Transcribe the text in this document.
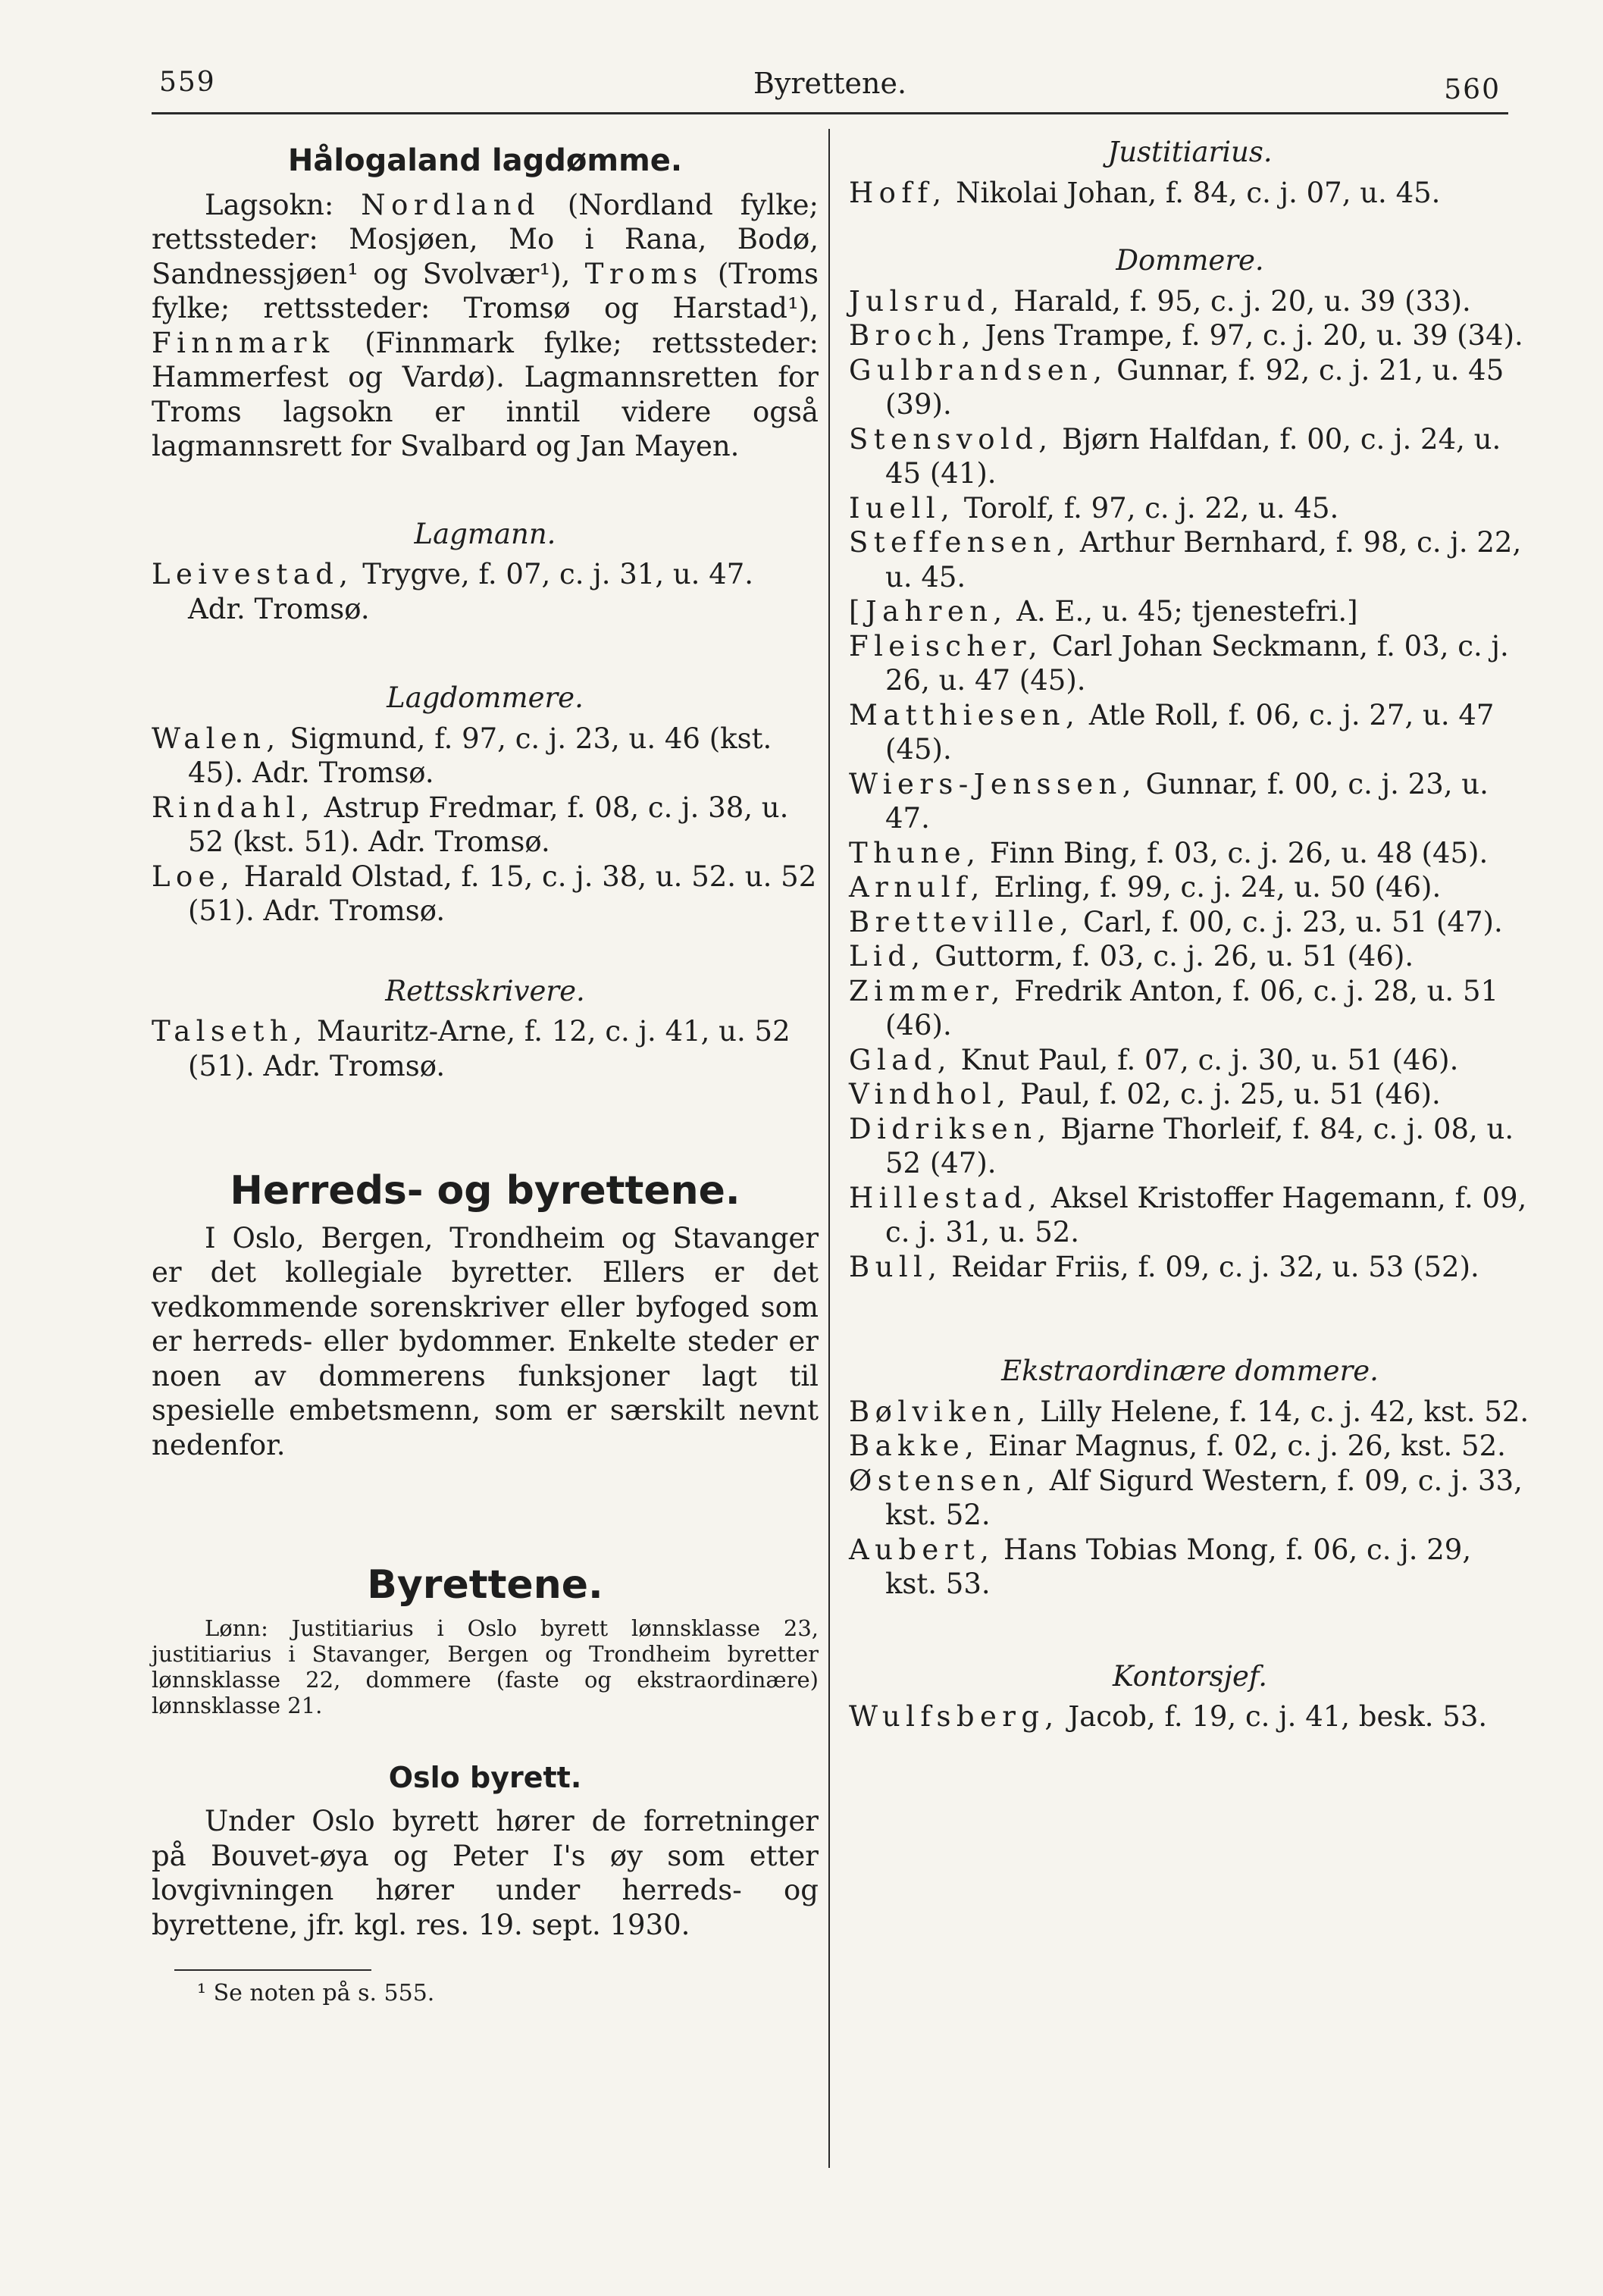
559	Byrettene.	560
Hålogaland lagdømme.

Lagsokn: Nordland (Nordland fylke; rettssteder: Mosjøen, Mo i Rana, Bodø, Sandnessjøen¹ og Svolvær¹), Troms (Troms fylke; rettssteder: Tromsø og Harstad¹), Finnmark (Finnmark fylke; rettssteder: Hammerfest og Vardø). Lagmannsretten for Troms lagsokn er inntil videre også lagmannsrett for Svalbard og Jan Mayen.

Lagmann.
Leivestad, Trygve, f. 07, c. j. 31, u. 47. Adr. Tromsø.
Lagdommere.
Walen, Sigmund, f. 97, c. j. 23, u. 46 (kst. 45). Adr. Tromsø.
Rindahl, Astrup Fredmar, f. 08, c. j. 38, u. 52 (kst. 51). Adr. Tromsø.
Loe, Harald Olstad, f. 15, c. j. 38, u. 52. u. 52 (51). Adr. Tromsø.
Rettsskrivere.
Talseth, Mauritz-Arne, f. 12, c. j. 41, u. 52 (51). Adr. Tromsø.
Herreds- og byrettene.

I Oslo, Bergen, Trondheim og Stavanger er det kollegiale byretter. Ellers er det vedkommende sorenskriver eller byfoged som er herreds- eller bydommer. Enkelte steder er noen av dommerens funksjoner lagt til spesielle embetsmenn, som er særskilt nevnt nedenfor.

Byrettene.

Lønn: Justitiarius i Oslo byrett lønnsklasse 23, justitiarius i Stavanger, Bergen og Trondheim byretter lønnsklasse 22, dommere (faste og ekstraordinære) lønnsklasse 21.

Oslo byrett.

Under Oslo byrett hører de forretninger på Bouvet-øya og Peter I's øy som etter lovgivningen hører under herreds- og byrettene, jfr. kgl. res. 19. sept. 1930.

¹ Se noten på s. 555.
Justitiarius.
Hoff, Nikolai Johan, f. 84, c. j. 07, u. 45.
Dommere.
Julsrud, Harald, f. 95, c. j. 20, u. 39 (33).
Broch, Jens Trampe, f. 97, c. j. 20, u. 39 (34).
Gulbrandsen, Gunnar, f. 92, c. j. 21, u. 45 (39).
Stensvold, Bjørn Halfdan, f. 00, c. j. 24, u. 45 (41).
Iuell, Torolf, f. 97, c. j. 22, u. 45.
Steffensen, Arthur Bernhard, f. 98, c. j. 22, u. 45.
[Jahren, A. E., u. 45; tjenestefri.]
Fleischer, Carl Johan Seckmann, f. 03, c. j. 26, u. 47 (45).
Matthiesen, Atle Roll, f. 06, c. j. 27, u. 47 (45).
Wiers-Jenssen, Gunnar, f. 00, c. j. 23, u. 47.
Thune, Finn Bing, f. 03, c. j. 26, u. 48 (45).
Arnulf, Erling, f. 99, c. j. 24, u. 50 (46).
Bretteville, Carl, f. 00, c. j. 23, u. 51 (47).
Lid, Guttorm, f. 03, c. j. 26, u. 51 (46).
Zimmer, Fredrik Anton, f. 06, c. j. 28, u. 51 (46).
Glad, Knut Paul, f. 07, c. j. 30, u. 51 (46).
Vindhol, Paul, f. 02, c. j. 25, u. 51 (46).
Didriksen, Bjarne Thorleif, f. 84, c. j. 08, u. 52 (47).
Hillestad, Aksel Kristoffer Hagemann, f. 09, c. j. 31, u. 52.
Bull, Reidar Friis, f. 09, c. j. 32, u. 53 (52).
Ekstraordinære dommere.
Bølviken, Lilly Helene, f. 14, c. j. 42, kst. 52.
Bakke, Einar Magnus, f. 02, c. j. 26, kst. 52.
Østensen, Alf Sigurd Western, f. 09, c. j. 33, kst. 52.
Aubert, Hans Tobias Mong, f. 06, c. j. 29, kst. 53.
Kontorsjef.
Wulfsberg, Jacob, f. 19, c. j. 41, besk. 53.
